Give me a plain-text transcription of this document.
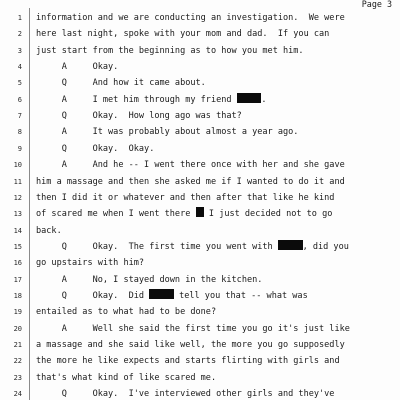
Page 3
1 information and we are conducting an investigation.  We were
2 here last night, spoke with your mom and dad.  If you can
3 just start from the beginning as to how you met him.
4 A     Okay.
5 Q     And how it came about.
6 A     I met him through my friend	.
7 Q     Okay.  How long ago was that?
8 A     It was probably about almost a year ago.
9 Q     Okay.  Okay.
10 A     And he -- I went there once with her and she gave
11 him a massage and then she asked me if I wanted to do it and
12 then I did it or whatever and then after that like he kind
13 of scared me when I went there  I just decided not to go
14 back.
15 Q     Okay.  The first time you went with	, did you
16 go upstairs with him?
17 A     No, I stayed down in the kitchen.
18 Q     Okay.  Did	tell you that -- what was
19 entailed as to what had to be done?
20 A     Well she said the first time you go it's just like
21 a massage and she said like well, the more you go supposedly
22 the more he like expects and starts flirting with girls and
23 that's what kind of like scared me.
24 Q     Okay.  I've interviewed other girls and they've
